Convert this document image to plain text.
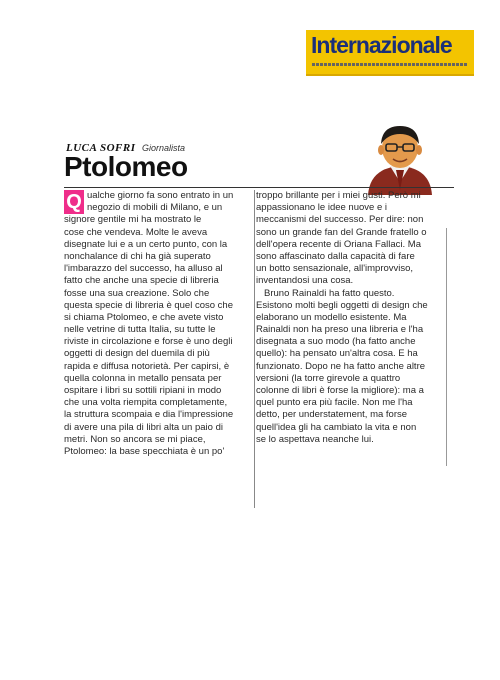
Internazionale
LUCA SOFRI Giornalista
Ptolomeo
Q ualche giorno fa sono entrato in un
negozio di mobili di Milano, e un
signore gentile mi ha mostrato le
cose che vendeva. Molte le aveva
disegnate lui e a un certo punto, con la
nonchalance di chi ha già superato
l'imbarazzo del successo, ha alluso al
fatto che anche una specie di libreria
fosse una sua creazione. Solo che
questa specie di libreria è quel coso che
si chiama Ptolomeo, e che avete visto
nelle vetrine di tutta Italia, su tutte le
riviste in circolazione e forse è uno degli
oggetti di design del duemila di più
rapida e diffusa notorietà. Per capirsi, è
quella colonna in metallo pensata per
ospitare i libri su sottili ripiani in modo
che una volta riempita completamente,
la struttura scompaia e dia l'impressione
di avere una pila di libri alta un paio di
metri. Non so ancora se mi piace,
Ptolomeo: la base specchiata è un po'
troppo brillante per i miei gusti. Però mi
appassionano le idee nuove e i
meccanismi del successo. Per dire: non
sono un grande fan del Grande fratello o
dell'opera recente di Oriana Fallaci. Ma
sono affascinato dalla capacità di fare
un botto sensazionale, all'improvviso,
inventandosi una cosa.
Bruno Rainaldi ha fatto questo.
Esistono molti begli oggetti di design che
elaborano un modello esistente. Ma
Rainaldi non ha preso una libreria e l'ha
disegnata a suo modo (ha fatto anche
quello): ha pensato un'altra cosa. E ha
funzionato. Dopo ne ha fatto anche altre
versioni (la torre girevole a quattro
colonne di libri è forse la migliore): ma a
quel punto era più facile. Non me l'ha
detto, per understatement, ma forse
quell'idea gli ha cambiato la vita e non
se lo aspettava neanche lui.
